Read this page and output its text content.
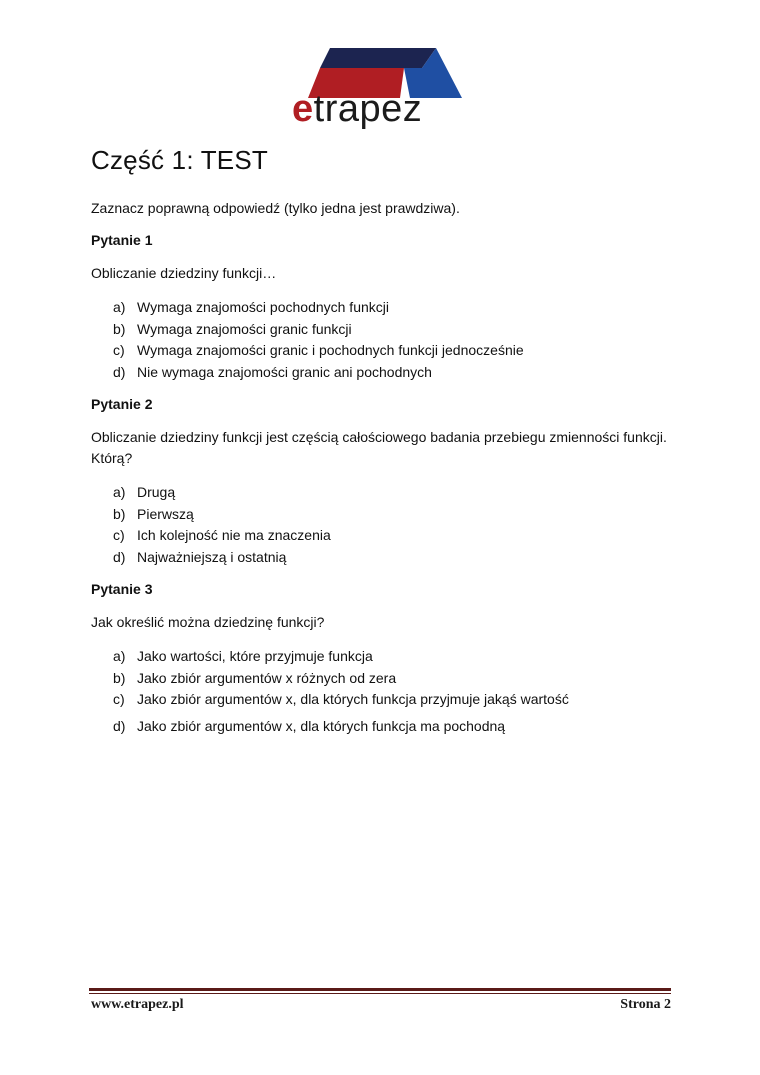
etrapez
Część 1: TEST

Zaznacz poprawną odpowiedź (tylko jedna jest prawdziwa).

Pytanie 1

Obliczanie dziedziny funkcji…

a) Wymaga znajomości pochodnych funkcji
b) Wymaga znajomości granic funkcji
c) Wymaga znajomości granic i pochodnych funkcji jednocześnie
d) Nie wymaga znajomości granic ani pochodnych

Pytanie 2

Obliczanie dziedziny funkcji jest częścią całościowego badania przebiegu zmienności funkcji. Którą?

a) Drugą
b) Pierwszą
c) Ich kolejność nie ma znaczenia
d) Najważniejszą i ostatnią

Pytanie 3

Jak określić można dziedzinę funkcji?

a) Jako wartości, które przyjmuje funkcja
b) Jako zbiór argumentów x różnych od zera
c) Jako zbiór argumentów x, dla których funkcja przyjmuje jakąś wartość
d) Jako zbiór argumentów x, dla których funkcja ma pochodną
www.etrapez.pl	Strona 2
